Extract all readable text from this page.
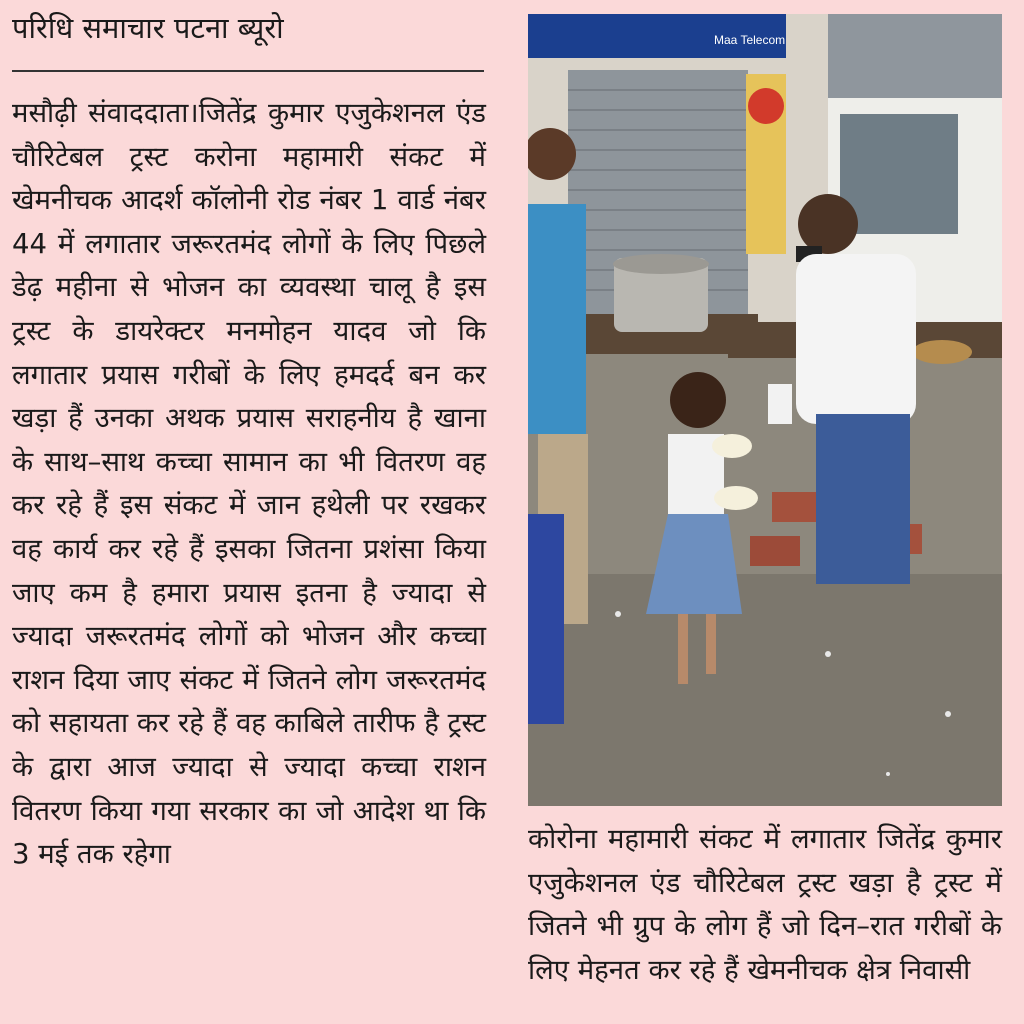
परिधि समाचार पटना ब्यूरो

मसौढ़ी संवाददाता।जितेंद्र कुमार एजुकेशनल एंड चौरिटेबल ट्रस्ट करोना महामारी संकट में खेमनीचक आदर्श कॉलोनी रोड नंबर 1 वार्ड नंबर 44 में लगातार जरूरतमंद लोगों के लिए पिछले डेढ़ महीना से भोजन का व्यवस्था चालू है इस ट्रस्ट के डायरेक्टर मनमोहन यादव जो कि लगातार प्रयास गरीबों के लिए हमदर्द बन कर खड़ा हैं उनका अथक प्रयास सराहनीय है खाना के साथ–साथ कच्चा सामान का भी वितरण वह कर रहे हैं इस संकट में जान हथेली पर रखकर वह कार्य कर रहे हैं इसका जितना प्रशंसा किया जाए कम है हमारा प्रयास इतना है ज्यादा से ज्यादा जरूरतमंद लोगों को भोजन और कच्चा राशन दिया जाए संकट में जितने लोग जरूरतमंद को सहायता कर रहे हैं वह काबिले तारीफ है ट्रस्ट के द्वारा आज ज्यादा से ज्यादा कच्चा राशन वितरण किया गया सरकार का जो आदेश था कि 3 मई तक रहेगा

Maa Telecom

कोरोना महामारी संकट में लगातार जितेंद्र कुमार एजुकेशनल एंड चौरिटेबल ट्रस्ट खड़ा है ट्रस्ट में जितने भी ग्रुप के लोग हैं जो दिन–रात गरीबों के लिए मेहनत कर रहे हैं खेमनीचक क्षेत्र निवासी
